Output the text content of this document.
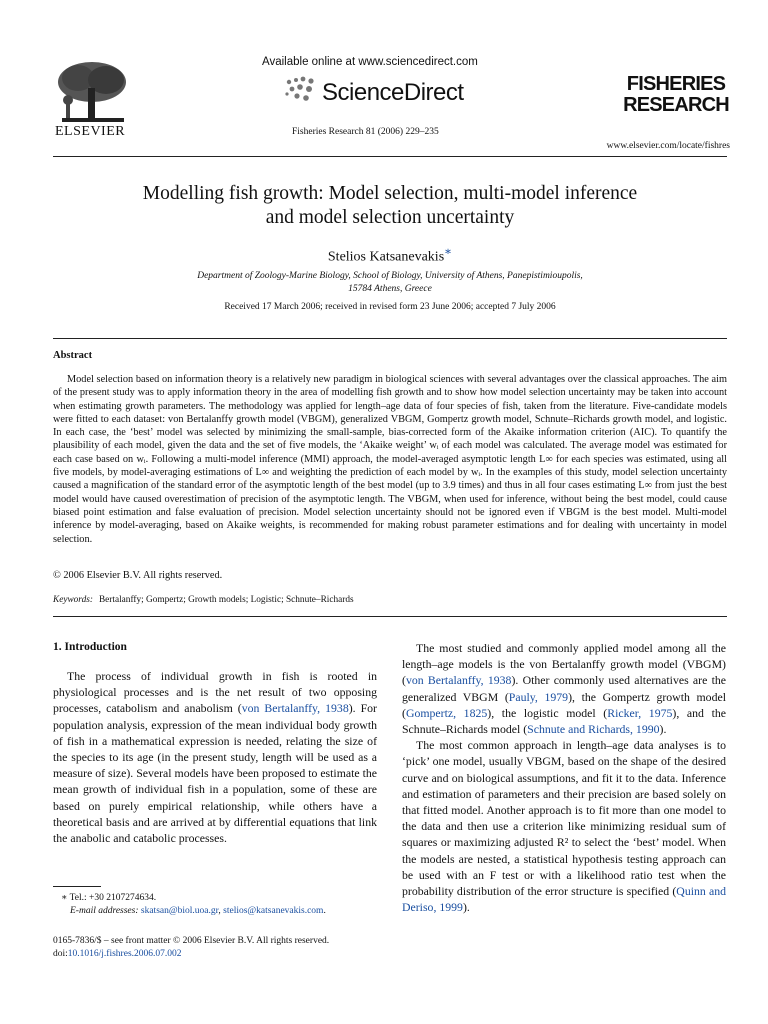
ELSEVIER
Available online at www.sciencedirect.com
ScienceDirect
Fisheries Research 81 (2006) 229–235
FISHERIES
RESEARCH
www.elsevier.com/locate/fishres
Modelling fish growth: Model selection, multi-model inference
and model selection uncertainty
Stelios Katsanevakis∗
Department of Zoology-Marine Biology, School of Biology, University of Athens, Panepistimioupolis,
15784 Athens, Greece
Received 17 March 2006; received in revised form 23 June 2006; accepted 7 July 2006
Abstract
Model selection based on information theory is a relatively new paradigm in biological sciences with several advantages over the classical approaches. The aim of the present study was to apply information theory in the area of modelling fish growth and to show how model selection uncertainty may be taken into account when estimating growth parameters. The methodology was applied for length–age data of four species of fish, taken from the literature. Five-candidate models were fitted to each dataset: von Bertalanffy growth model (VBGM), generalized VBGM, Gompertz growth model, Schnute–Richards growth model, and logistic. In each case, the ‘best’ model was selected by minimizing the small-sample, bias-corrected form of the Akaike information criterion (AIC). To quantify the plausibility of each model, given the data and the set of five models, the ‘Akaike weight’ wᵢ of each model was calculated. The average model was estimated for each case based on wᵢ. Following a multi-model inference (MMI) approach, the model-averaged asymptotic length L∞ for each species was estimated, using all five models, by model-averaging estimations of L∞ and weighting the prediction of each model by wᵢ. In the examples of this study, model selection uncertainty caused a magnification of the standard error of the asymptotic length of the best model (up to 3.9 times) and thus in all four cases estimating L∞ from just the best model would have caused overestimation of precision of the asymptotic length. The VBGM, when used for inference, without being the best model, could cause biased point estimation and false evaluation of precision. Model selection uncertainty should not be ignored even if VBGM is the best model. Multi-model inference by model-averaging, based on Akaike weights, is recommended for making robust parameter estimations and for dealing with uncertainty in model selection.
© 2006 Elsevier B.V. All rights reserved.
Keywords: Bertalanffy; Gompertz; Growth models; Logistic; Schnute–Richards
1. Introduction

The process of individual growth in fish is rooted in physiological processes and is the net result of two opposing processes, catabolism and anabolism (von Bertalanffy, 1938). For population analysis, expression of the mean individual body growth of fish in a mathematical expression is needed, relating the size of the species to its age (in the present study, length will be used as a measure of size). Several models have been proposed to estimate the mean growth of individual fish in a population, some of these are based on purely empirical relationship, while others have a theoretical basis and are arrived at by differential equations that link the anabolic and catabolic processes.

∗ Tel.: +30 2107274634.
E-mail addresses: skatsan@biol.uoa.gr, stelios@katsanevakis.com.
0165-7836/$ – see front matter © 2006 Elsevier B.V. All rights reserved.
doi:10.1016/j.fishres.2006.07.002

The most studied and commonly applied model among all the length–age models is the von Bertalanffy growth model (VBGM) (von Bertalanffy, 1938). Other commonly used alternatives are the generalized VBGM (Pauly, 1979), the Gompertz growth model (Gompertz, 1825), the logistic model (Ricker, 1975), and the Schnute–Richards model (Schnute and Richards, 1990).

The most common approach in length–age data analyses is to ‘pick’ one model, usually VBGM, based on the shape of the desired curve and on biological assumptions, and fit it to the data. Inference and estimation of parameters and their precision are based solely on that fitted model. Another approach is to fit more than one model to the data and then use a criterion like minimizing residual sum of squares or maximizing adjusted R² to select the ‘best’ model. When the models are nested, a statistical hypothesis testing approach can be used with an F test or with a likelihood ratio test when the probability distribution of the error structure is specified (Quinn and Deriso, 1999).
